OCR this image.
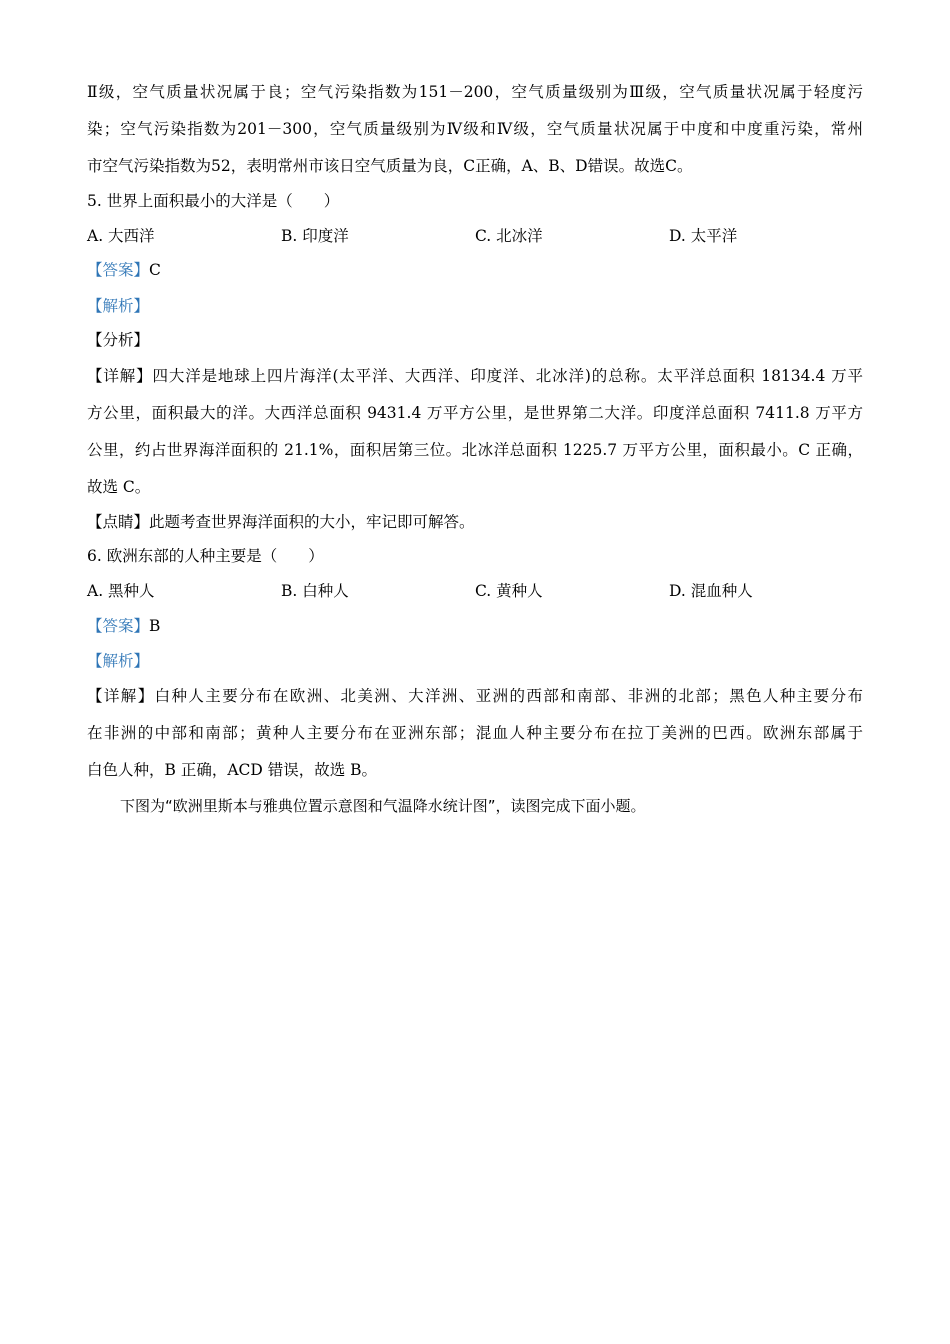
Ⅱ级，空气质量状况属于良；空气污染指数为151－200，空气质量级别为Ⅲ级，空气质量状况属于轻度污
染；空气污染指数为201－300，空气质量级别为Ⅳ级和Ⅳ级，空气质量状况属于中度和中度重污染，常州
市空气污染指数为52，表明常州市该日空气质量为良，C正确，A、B、D错误。故选C。
5. 世界上面积最小的大洋是（　　）
A. 大西洋	B. 印度洋	C. 北冰洋	D. 太平洋
【答案】C
【解析】
【分析】
【详解】四大洋是地球上四片海洋(太平洋、大西洋、印度洋、北冰洋)的总称。太平洋总面积 18134.4 万平
方公里，面积最大的洋。大西洋总面积 9431.4 万平方公里，是世界第二大洋。印度洋总面积 7411.8 万平方
公里，约占世界海洋面积的 21.1%，面积居第三位。北冰洋总面积 1225.7 万平方公里，面积最小。C 正确，
故选 C。
【点睛】此题考查世界海洋面积的大小，牢记即可解答。
6. 欧洲东部的人种主要是（　　）
A. 黑种人	B. 白种人	C. 黄种人	D. 混血种人
【答案】B
【解析】
【详解】白种人主要分布在欧洲、北美洲、大洋洲、亚洲的西部和南部、非洲的北部；黑色人种主要分布
在非洲的中部和南部；黄种人主要分布在亚洲东部；混血人种主要分布在拉丁美洲的巴西。欧洲东部属于
白色人种，B 正确，ACD 错误，故选 B。
下图为“欧洲里斯本与雅典位置示意图和气温降水统计图”，读图完成下面小题。
